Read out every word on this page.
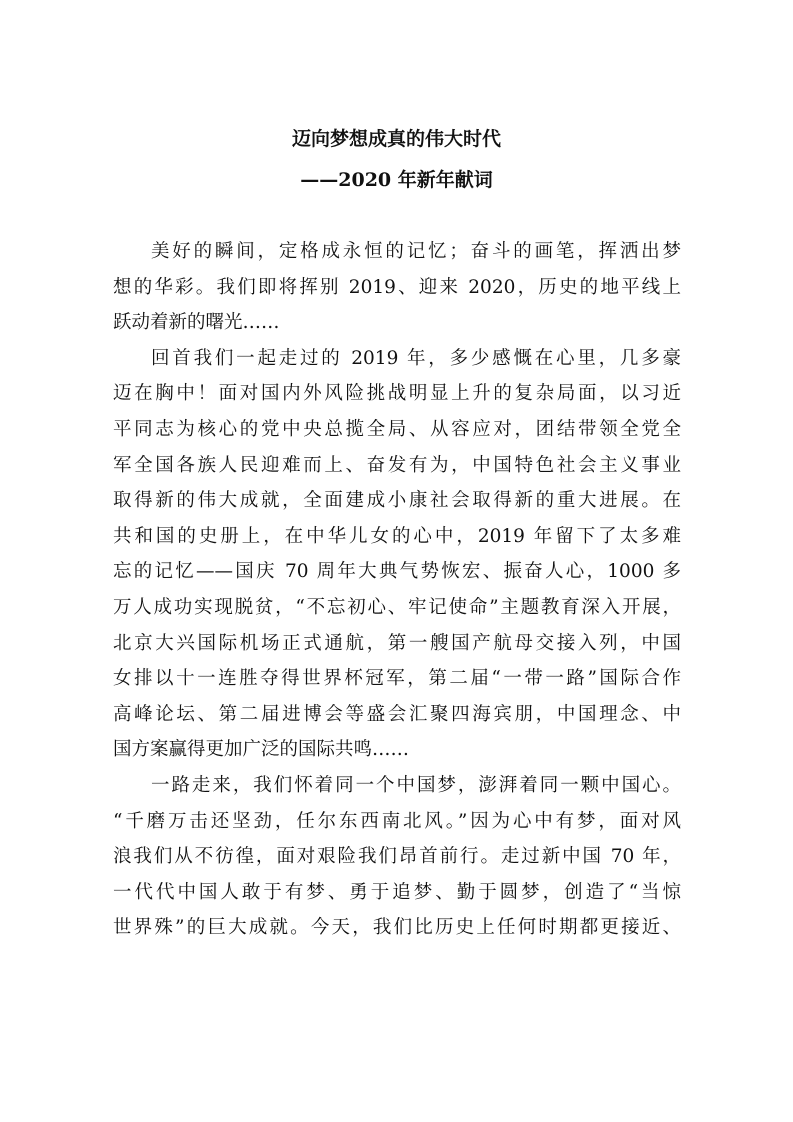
迈向梦想成真的伟大时代
——2020 年新年献词
美好的瞬间，定格成永恒的记忆；奋斗的画笔，挥洒出梦
想的华彩。我们即将挥别 2019、迎来 2020，历史的地平线上
跃动着新的曙光……
回首我们一起走过的 2019 年，多少感慨在心里，几多豪
迈在胸中！面对国内外风险挑战明显上升的复杂局面，以习近
平同志为核心的党中央总揽全局、从容应对，团结带领全党全
军全国各族人民迎难而上、奋发有为，中国特色社会主义事业
取得新的伟大成就，全面建成小康社会取得新的重大进展。在
共和国的史册上，在中华儿女的心中，2019 年留下了太多难
忘的记忆——国庆 70 周年大典气势恢宏、振奋人心，1000 多
万人成功实现脱贫，“不忘初心、牢记使命”主题教育深入开展，
北京大兴国际机场正式通航，第一艘国产航母交接入列，中国
女排以十一连胜夺得世界杯冠军，第二届“一带一路”国际合作
高峰论坛、第二届进博会等盛会汇聚四海宾朋，中国理念、中
国方案赢得更加广泛的国际共鸣……
一路走来，我们怀着同一个中国梦，澎湃着同一颗中国心。
“千磨万击还坚劲，任尔东西南北风。”因为心中有梦，面对风
浪我们从不彷徨，面对艰险我们昂首前行。走过新中国 70 年，
一代代中国人敢于有梦、勇于追梦、勤于圆梦，创造了“当惊
世界殊”的巨大成就。今天，我们比历史上任何时期都更接近、
